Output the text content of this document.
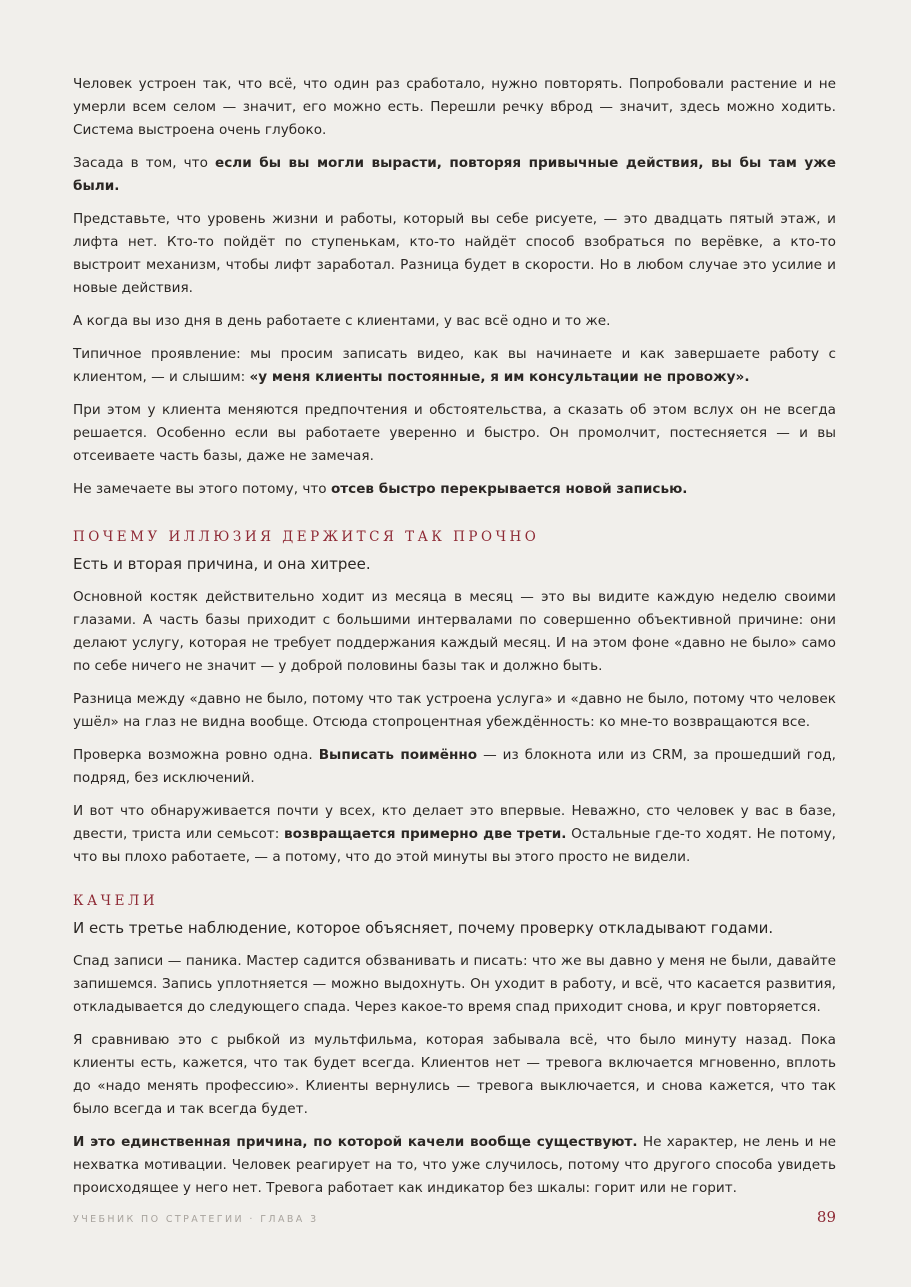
Человек устроен так, что всё, что один раз сработало, нужно повторять. Попробовали растение и не умерли всем селом — значит, его можно есть. Перешли речку вброд — значит, здесь можно ходить. Система выстроена очень глубоко.

Засада в том, что если бы вы могли вырасти, повторяя привычные действия, вы бы там уже были.

Представьте, что уровень жизни и работы, который вы себе рисуете, — это двадцать пятый этаж, и лифта нет. Кто-то пойдёт по ступенькам, кто-то найдёт способ взобраться по верёвке, а кто-то выстроит механизм, чтобы лифт заработал. Разница будет в скорости. Но в любом случае это усилие и новые действия.

А когда вы изо дня в день работаете с клиентами, у вас всё одно и то же.

Типичное проявление: мы просим записать видео, как вы начинаете и как завершаете работу с клиентом, — и слышим: «у меня клиенты постоянные, я им консультации не провожу».

При этом у клиента меняются предпочтения и обстоятельства, а сказать об этом вслух он не всегда решается. Особенно если вы работаете уверенно и быстро. Он промолчит, постесняется — и вы отсеиваете часть базы, даже не замечая.

Не замечаете вы этого потому, что отсев быстро перекрывается новой записью.

ПОЧЕМУ ИЛЛЮЗИЯ ДЕРЖИТСЯ ТАК ПРОЧНО
Есть и вторая причина, и она хитрее.

Основной костяк действительно ходит из месяца в месяц — это вы видите каждую неделю своими глазами. А часть базы приходит с большими интервалами по совершенно объективной причине: они делают услугу, которая не требует поддержания каждый месяц. И на этом фоне «давно не было» само по себе ничего не значит — у доброй половины базы так и должно быть.

Разница между «давно не было, потому что так устроена услуга» и «давно не было, потому что человек ушёл» на глаз не видна вообще. Отсюда стопроцентная убеждённость: ко мне-то возвращаются все.

Проверка возможна ровно одна. Выписать поимённо — из блокнота или из CRM, за прошедший год, подряд, без исключений.

И вот что обнаруживается почти у всех, кто делает это впервые. Неважно, сто человек у вас в базе, двести, триста или семьсот: возвращается примерно две трети. Остальные где-то ходят. Не потому, что вы плохо работаете, — а потому, что до этой минуты вы этого просто не видели.

КАЧЕЛИ
И есть третье наблюдение, которое объясняет, почему проверку откладывают годами.

Спад записи — паника. Мастер садится обзванивать и писать: что же вы давно у меня не были, давайте запишемся. Запись уплотняется — можно выдохнуть. Он уходит в работу, и всё, что касается развития, откладывается до следующего спада. Через какое-то время спад приходит снова, и круг повторяется.

Я сравниваю это с рыбкой из мультфильма, которая забывала всё, что было минуту назад. Пока клиенты есть, кажется, что так будет всегда. Клиентов нет — тревога включается мгновенно, вплоть до «надо менять профессию». Клиенты вернулись — тревога выключается, и снова кажется, что так было всегда и так всегда будет.

И это единственная причина, по которой качели вообще существуют. Не характер, не лень и не нехватка мотивации. Человек реагирует на то, что уже случилось, потому что другого способа увидеть происходящее у него нет. Тревога работает как индикатор без шкалы: горит или не горит.

УЧЕБНИК ПО СТРАТЕГИИ · ГЛАВА 3	89
